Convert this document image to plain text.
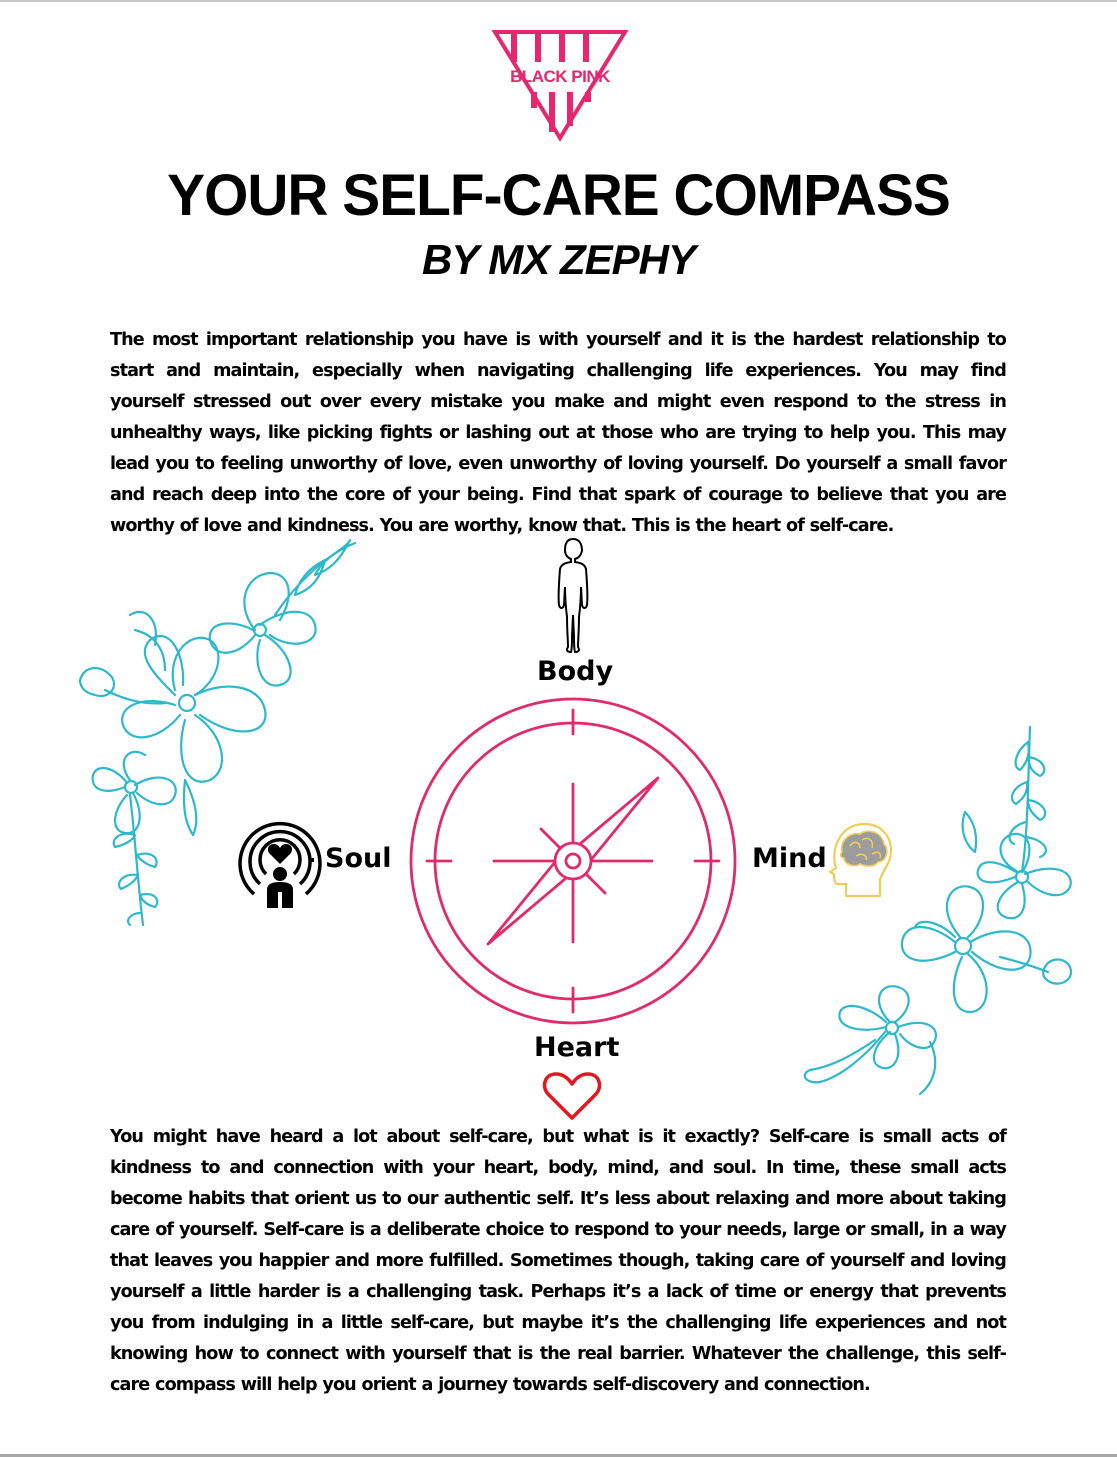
BLACK PINK
YOUR SELF-CARE COMPASS
BY MX ZEPHY

The most important relationship you have is with yourself and it is the hardest relationship to start and maintain, especially when navigating challenging life experiences. You may find yourself stressed out over every mistake you make and might even respond to the stress in unhealthy ways, like picking fights or lashing out at those who are trying to help you. This may lead you to feeling unworthy of love, even unworthy of loving yourself. Do yourself a small favor and reach deep into the core of your being. Find that spark of courage to believe that you are worthy of love and kindness. You are worthy, know that. This is the heart of self-care.

Body
Soul	Mind
Heart

You might have heard a lot about self-care, but what is it exactly? Self-care is small acts of kindness to and connection with your heart, body, mind, and soul. In time, these small acts become habits that orient us to our authentic self. It’s less about relaxing and more about taking care of yourself. Self-care is a deliberate choice to respond to your needs, large or small, in a way that leaves you happier and more fulfilled. Sometimes though, taking care of yourself and loving yourself a little harder is a challenging task. Perhaps it’s a lack of time or energy that prevents you from indulging in a little self-care, but maybe it’s the challenging life experiences and not knowing how to connect with yourself that is the real barrier. Whatever the challenge, this self-care compass will help you orient a journey towards self-discovery and connection.
